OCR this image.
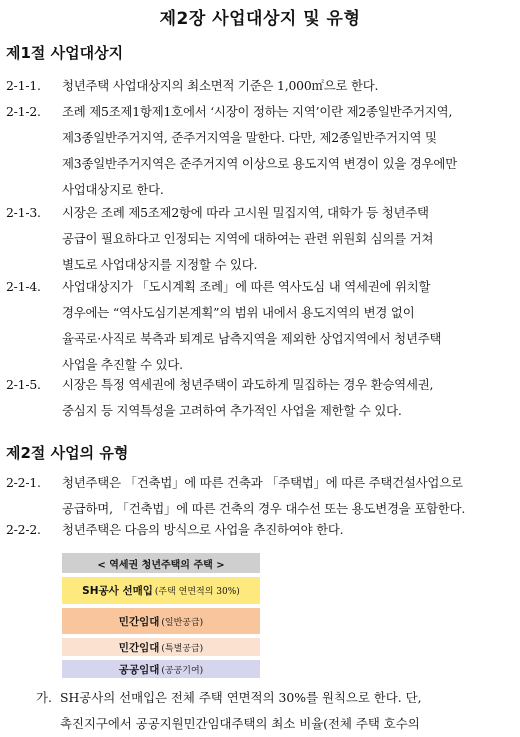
제2장 사업대상지 및 유형
제1절 사업대상지
2-1-1. 청년주택 사업대상지의 최소면적 기준은 1,000㎡으로 한다.
2-1-2. 조례 제5조제1항제1호에서 ‘시장이 정하는 지역’이란 제2종일반주거지역,
제3종일반주거지역, 준주거지역을 말한다. 다만, 제2종일반주거지역 및
제3종일반주거지역은 준주거지역 이상으로 용도지역 변경이 있을 경우에만
사업대상지로 한다.
2-1-3. 시장은 조례 제5조제2항에 따라 고시원 밀집지역, 대학가 등 청년주택
공급이 필요하다고 인정되는 지역에 대하여는 관련 위원회 심의를 거쳐
별도로 사업대상지를 지정할 수 있다.
2-1-4. 사업대상지가 「도시계획 조례」에 따른 역사도심 내 역세권에 위치할
경우에는 “역사도심기본계획”의 범위 내에서 용도지역의 변경 없이
율곡로·사직로 북측과 퇴계로 남측지역을 제외한 상업지역에서 청년주택
사업을 추진할 수 있다.
2-1-5. 시장은 특정 역세권에 청년주택이 과도하게 밀집하는 경우 환승역세권,
중심지 등 지역특성을 고려하여 추가적인 사업을 제한할 수 있다.
제2절 사업의 유형
2-2-1. 청년주택은 「건축법」에 따른 건축과 「주택법」에 따른 주택건설사업으로
공급하며, 「건축법」에 따른 건축의 경우 대수선 또는 용도변경을 포함한다.
2-2-2. 청년주택은 다음의 방식으로 사업을 추진하여야 한다.
< 역세권 청년주택의 주택 >
SH공사 선매입 (주택 연면적의 30%)
민간임대 (일반공급)
민간임대 (특별공급)
공공임대 (공공기여)
가. SH공사의 선매입은 전체 주택 연면적의 30%를 원칙으로 한다. 단,
촉진지구에서 공공지원민간임대주택의 최소 비율(전체 주택 호수의
